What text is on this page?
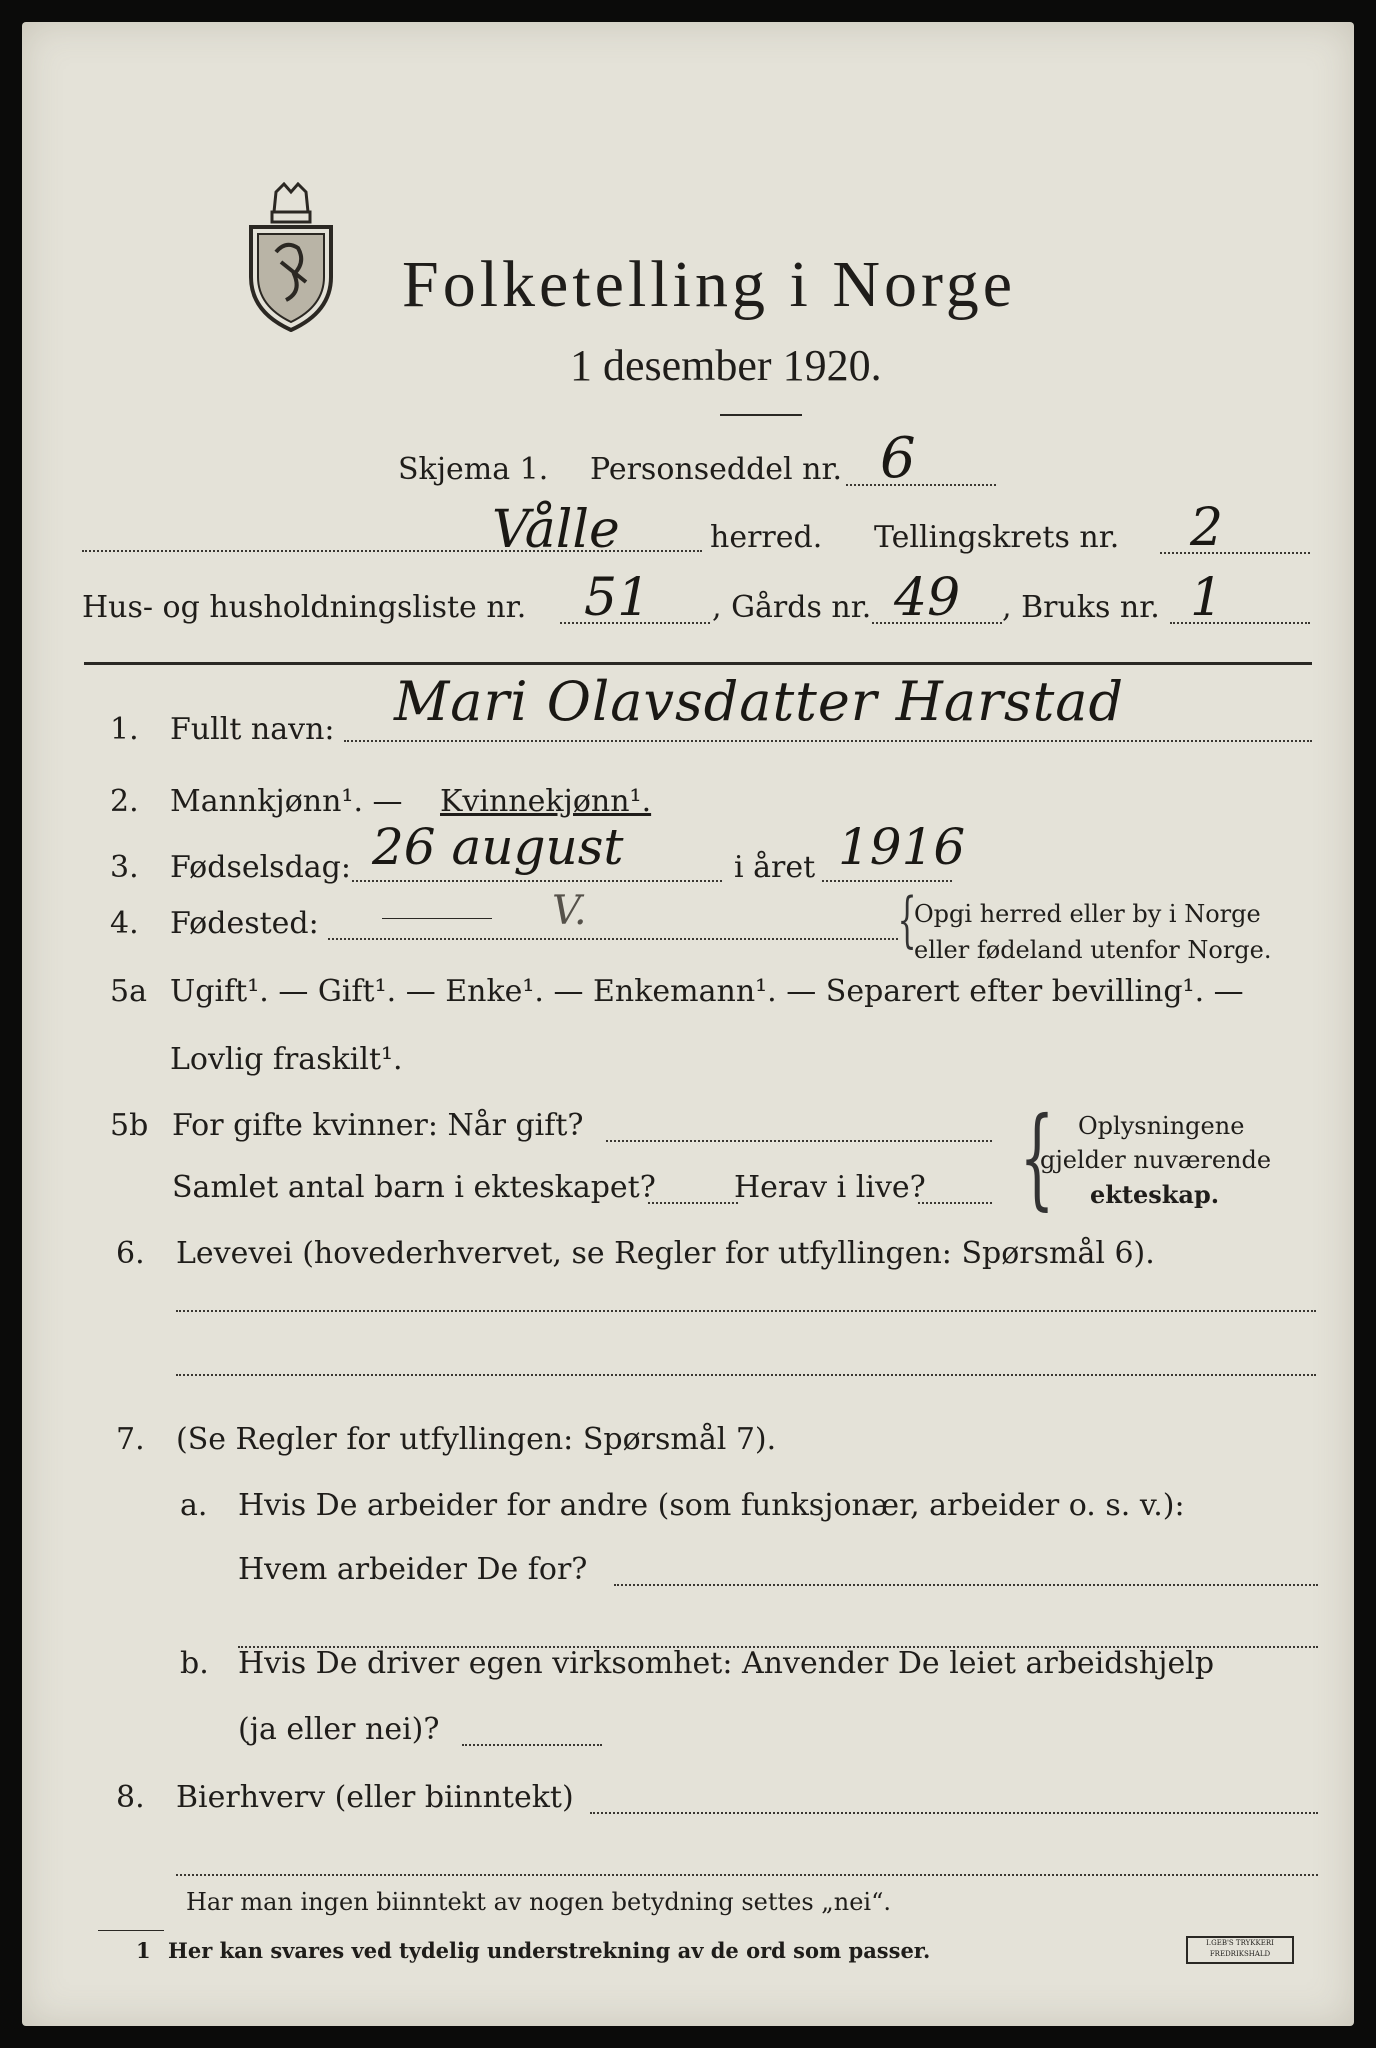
Folketelling i Norge
1 desember 1920.
Skjema 1. Personseddel nr. 6
Vålle	herred. Tellingskrets nr. 2
Hus- og husholdningsliste nr. 51 , Gårds nr. 49 , Bruks nr. 1
1. Fullt navn: Mari Olavsdatter Harstad
2. Mannkjønn¹. — Kvinnekjønn¹.
3. Fødselsdag: 26 august	i året 1916
4. Fødested:	V.	{
Opgi herred eller by i Norge
eller fødeland utenfor Norge.
5a Ugift¹. — Gift¹. — Enke¹. — Enkemann¹. — Separert efter bevilling¹. —
Lovlig fraskilt¹.
5b For gifte kvinner: Når gift?
Samlet antal barn i ekteskapet?	Herav i live? { Oplysningene
gjelder nuværende
ekteskap.
6. Levevei (hovederhvervet, se Regler for utfyllingen: Spørsmål 6).
7. (Se Regler for utfyllingen: Spørsmål 7).
a. Hvis De arbeider for andre (som funksjonær, arbeider o. s. v.):
Hvem arbeider De for?
b. Hvis De driver egen virksomhet: Anvender De leiet arbeidshjelp
(ja eller nei)?
8. Bierhverv (eller biinntekt)
Har man ingen biinntekt av nogen betydning settes „nei“.
1 Her kan svares ved tydelig understrekning av de ord som passer.	I.GEB'S TRYKKERI FREDRIKSHALD
